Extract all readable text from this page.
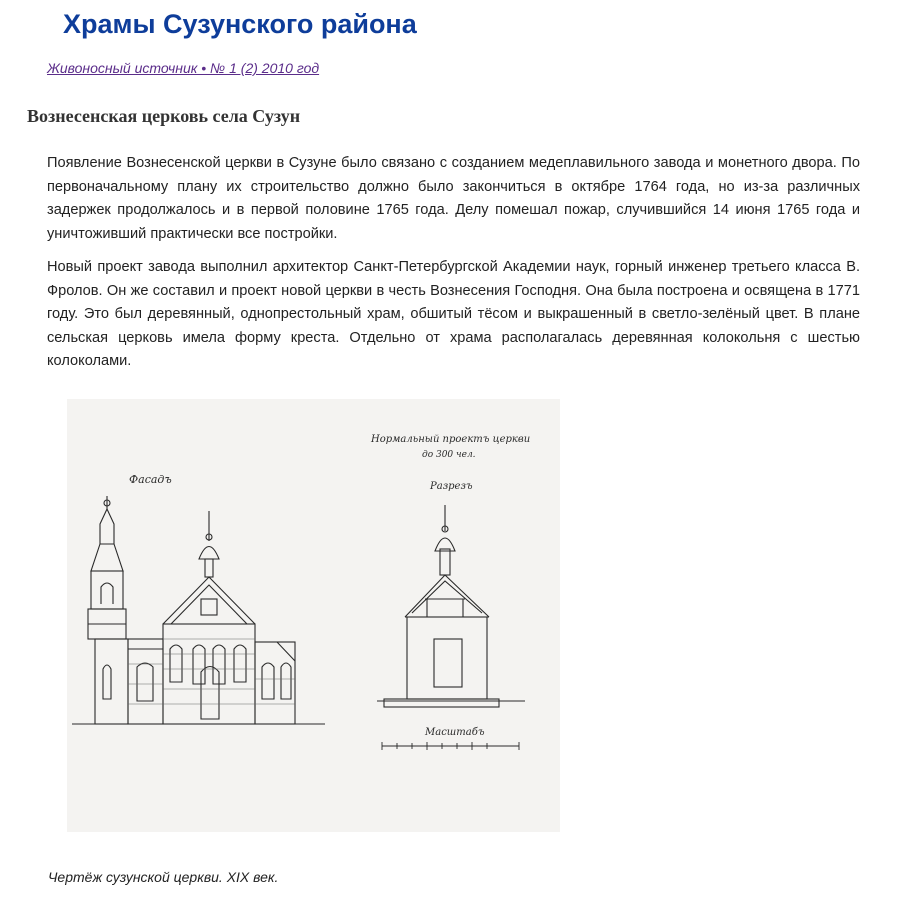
Храмы Сузунского района
Живоносный источник • № 1 (2) 2010 год
Вознесенская церковь села Сузун

Появление Вознесенской церкви в Сузуне было связано с созданием медеплавильного завода и монетного двора. По первоначальному плану их строительство должно было закончиться в октябре 1764 года, но из-за различных задержек продолжалось и в первой половине 1765 года. Делу помешал пожар, случившийся 14 июня 1765 года и уничтоживший практически все постройки.

Новый проект завода выполнил архитектор Санкт-Петербургской Академии наук, горный инженер третьего класса В. Фролов. Он же составил и проект новой церкви в честь Вознесения Господня. Она была построена и освящена в 1771 году. Это был деревянный, однопрестольный храм, обшитый тёсом и выкрашенный в светло-зелёный цвет. В плане сельская церковь имела форму креста. Отдельно от храма располагалась деревянная колокольня с шестью колоколами.

Фасадъ
Нормальный проектъ церкви
до 300 чел.
Разрезъ
Масштабъ
Чертёж сузунской церкви. XIX век.
